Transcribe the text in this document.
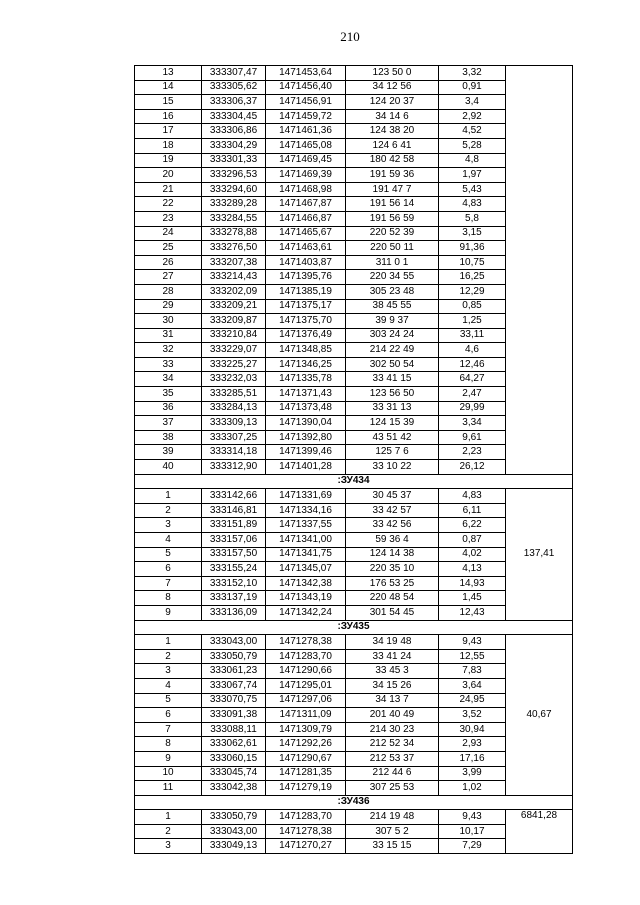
210
13	333307,47	1471453,64	123 50 0	3,32	
14	333305,62	1471456,40	34 12 56	0,91	
15	333306,37	1471456,91	124 20 37	3,4	
16	333304,45	1471459,72	34 14 6	2,92	
17	333306,86	1471461,36	124 38 20	4,52	
18	333304,29	1471465,08	124 6 41	5,28	
19	333301,33	1471469,45	180 42 58	4,8	
20	333296,53	1471469,39	191 59 36	1,97	
21	333294,60	1471468,98	191 47 7	5,43	
22	333289,28	1471467,87	191 56 14	4,83	
23	333284,55	1471466,87	191 56 59	5,8	
24	333278,88	1471465,67	220 52 39	3,15	
25	333276,50	1471463,61	220 50 11	91,36	
26	333207,38	1471403,87	311 0 1	10,75	
27	333214,43	1471395,76	220 34 55	16,25	
28	333202,09	1471385,19	305 23 48	12,29	
29	333209,21	1471375,17	38 45 55	0,85	
30	333209,87	1471375,70	39 9 37	1,25	
31	333210,84	1471376,49	303 24 24	33,11	
32	333229,07	1471348,85	214 22 49	4,6	
33	333225,27	1471346,25	302 50 54	12,46	
34	333232,03	1471335,78	33 41 15	64,27	
35	333285,51	1471371,43	123 56 50	2,47	
36	333284,13	1471373,48	33 31 13	29,99	
37	333309,13	1471390,04	124 15 39	3,34	
38	333307,25	1471392,80	43 51 42	9,61	
39	333314,18	1471399,46	125 7 6	2,23	
40	333312,90	1471401,28	33 10 22	26,12	
:ЗУ434					
1	333142,66	1471331,69	30 45 37	4,83	137,41
2	333146,81	1471334,16	33 42 57	6,11	
3	333151,89	1471337,55	33 42 56	6,22	
4	333157,06	1471341,00	59 36 4	0,87	
5	333157,50	1471341,75	124 14 38	4,02	
6	333155,24	1471345,07	220 35 10	4,13	
7	333152,10	1471342,38	176 53 25	14,93	
8	333137,19	1471343,19	220 48 54	1,45	
9	333136,09	1471342,24	301 54 45	12,43	
:ЗУ435					
1	333043,00	1471278,38	34 19 48	9,43	40,67
2	333050,79	1471283,70	33 41 24	12,55	
3	333061,23	1471290,66	33 45 3	7,83	
4	333067,74	1471295,01	34 15 26	3,64	
5	333070,75	1471297,06	34 13 7	24,95	
6	333091,38	1471311,09	201 40 49	3,52	
7	333088,11	1471309,79	214 30 23	30,94	
8	333062,61	1471292,26	212 52 34	2,93	
9	333060,15	1471290,67	212 53 37	17,16	
10	333045,74	1471281,35	212 44 6	3,99	
11	333042,38	1471279,19	307 25 53	1,02	
:ЗУ436					
1	333050,79	1471283,70	214 19 48	9,43	6841,28
2	333043,00	1471278,38	307 5 2	10,17	
3	333049,13	1471270,27	33 15 15	7,29	
